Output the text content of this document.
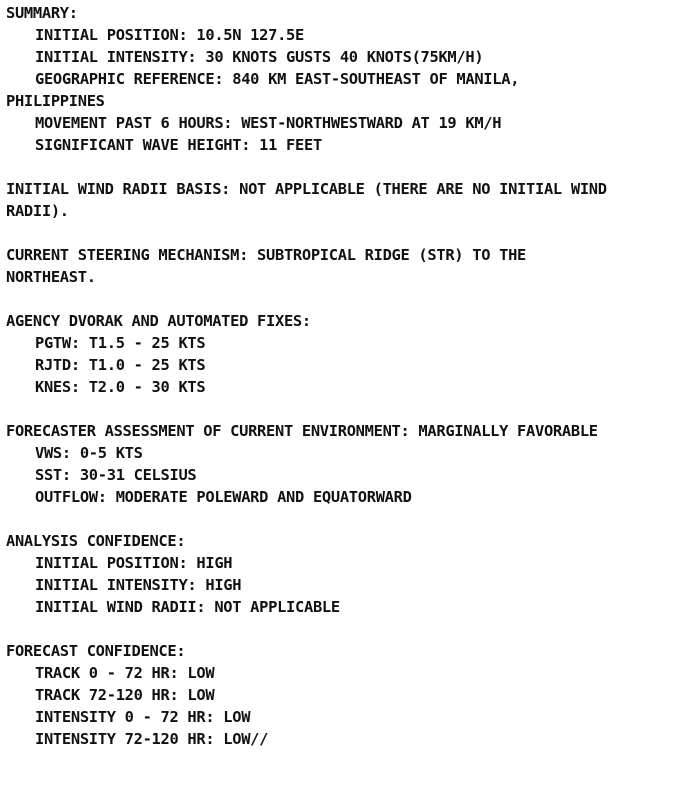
SUMMARY:
INITIAL POSITION: 10.5N 127.5E
INITIAL INTENSITY: 30 KNOTS GUSTS 40 KNOTS(75KM/H)
GEOGRAPHIC REFERENCE: 840 KM EAST-SOUTHEAST OF MANILA,
PHILIPPINES
MOVEMENT PAST 6 HOURS: WEST-NORTHWESTWARD AT 19 KM/H
SIGNIFICANT WAVE HEIGHT: 11 FEET
INITIAL WIND RADII BASIS: NOT APPLICABLE (THERE ARE NO INITIAL WIND
RADII).
CURRENT STEERING MECHANISM: SUBTROPICAL RIDGE (STR) TO THE
NORTHEAST.
AGENCY DVORAK AND AUTOMATED FIXES:
PGTW: T1.5 - 25 KTS
RJTD: T1.0 - 25 KTS
KNES: T2.0 - 30 KTS
FORECASTER ASSESSMENT OF CURRENT ENVIRONMENT: MARGINALLY FAVORABLE
VWS: 0-5 KTS
SST: 30-31 CELSIUS
OUTFLOW: MODERATE POLEWARD AND EQUATORWARD
ANALYSIS CONFIDENCE:
INITIAL POSITION: HIGH
INITIAL INTENSITY: HIGH
INITIAL WIND RADII: NOT APPLICABLE
FORECAST CONFIDENCE:
TRACK 0 - 72 HR: LOW
TRACK 72-120 HR: LOW
INTENSITY 0 - 72 HR: LOW
INTENSITY 72-120 HR: LOW//
